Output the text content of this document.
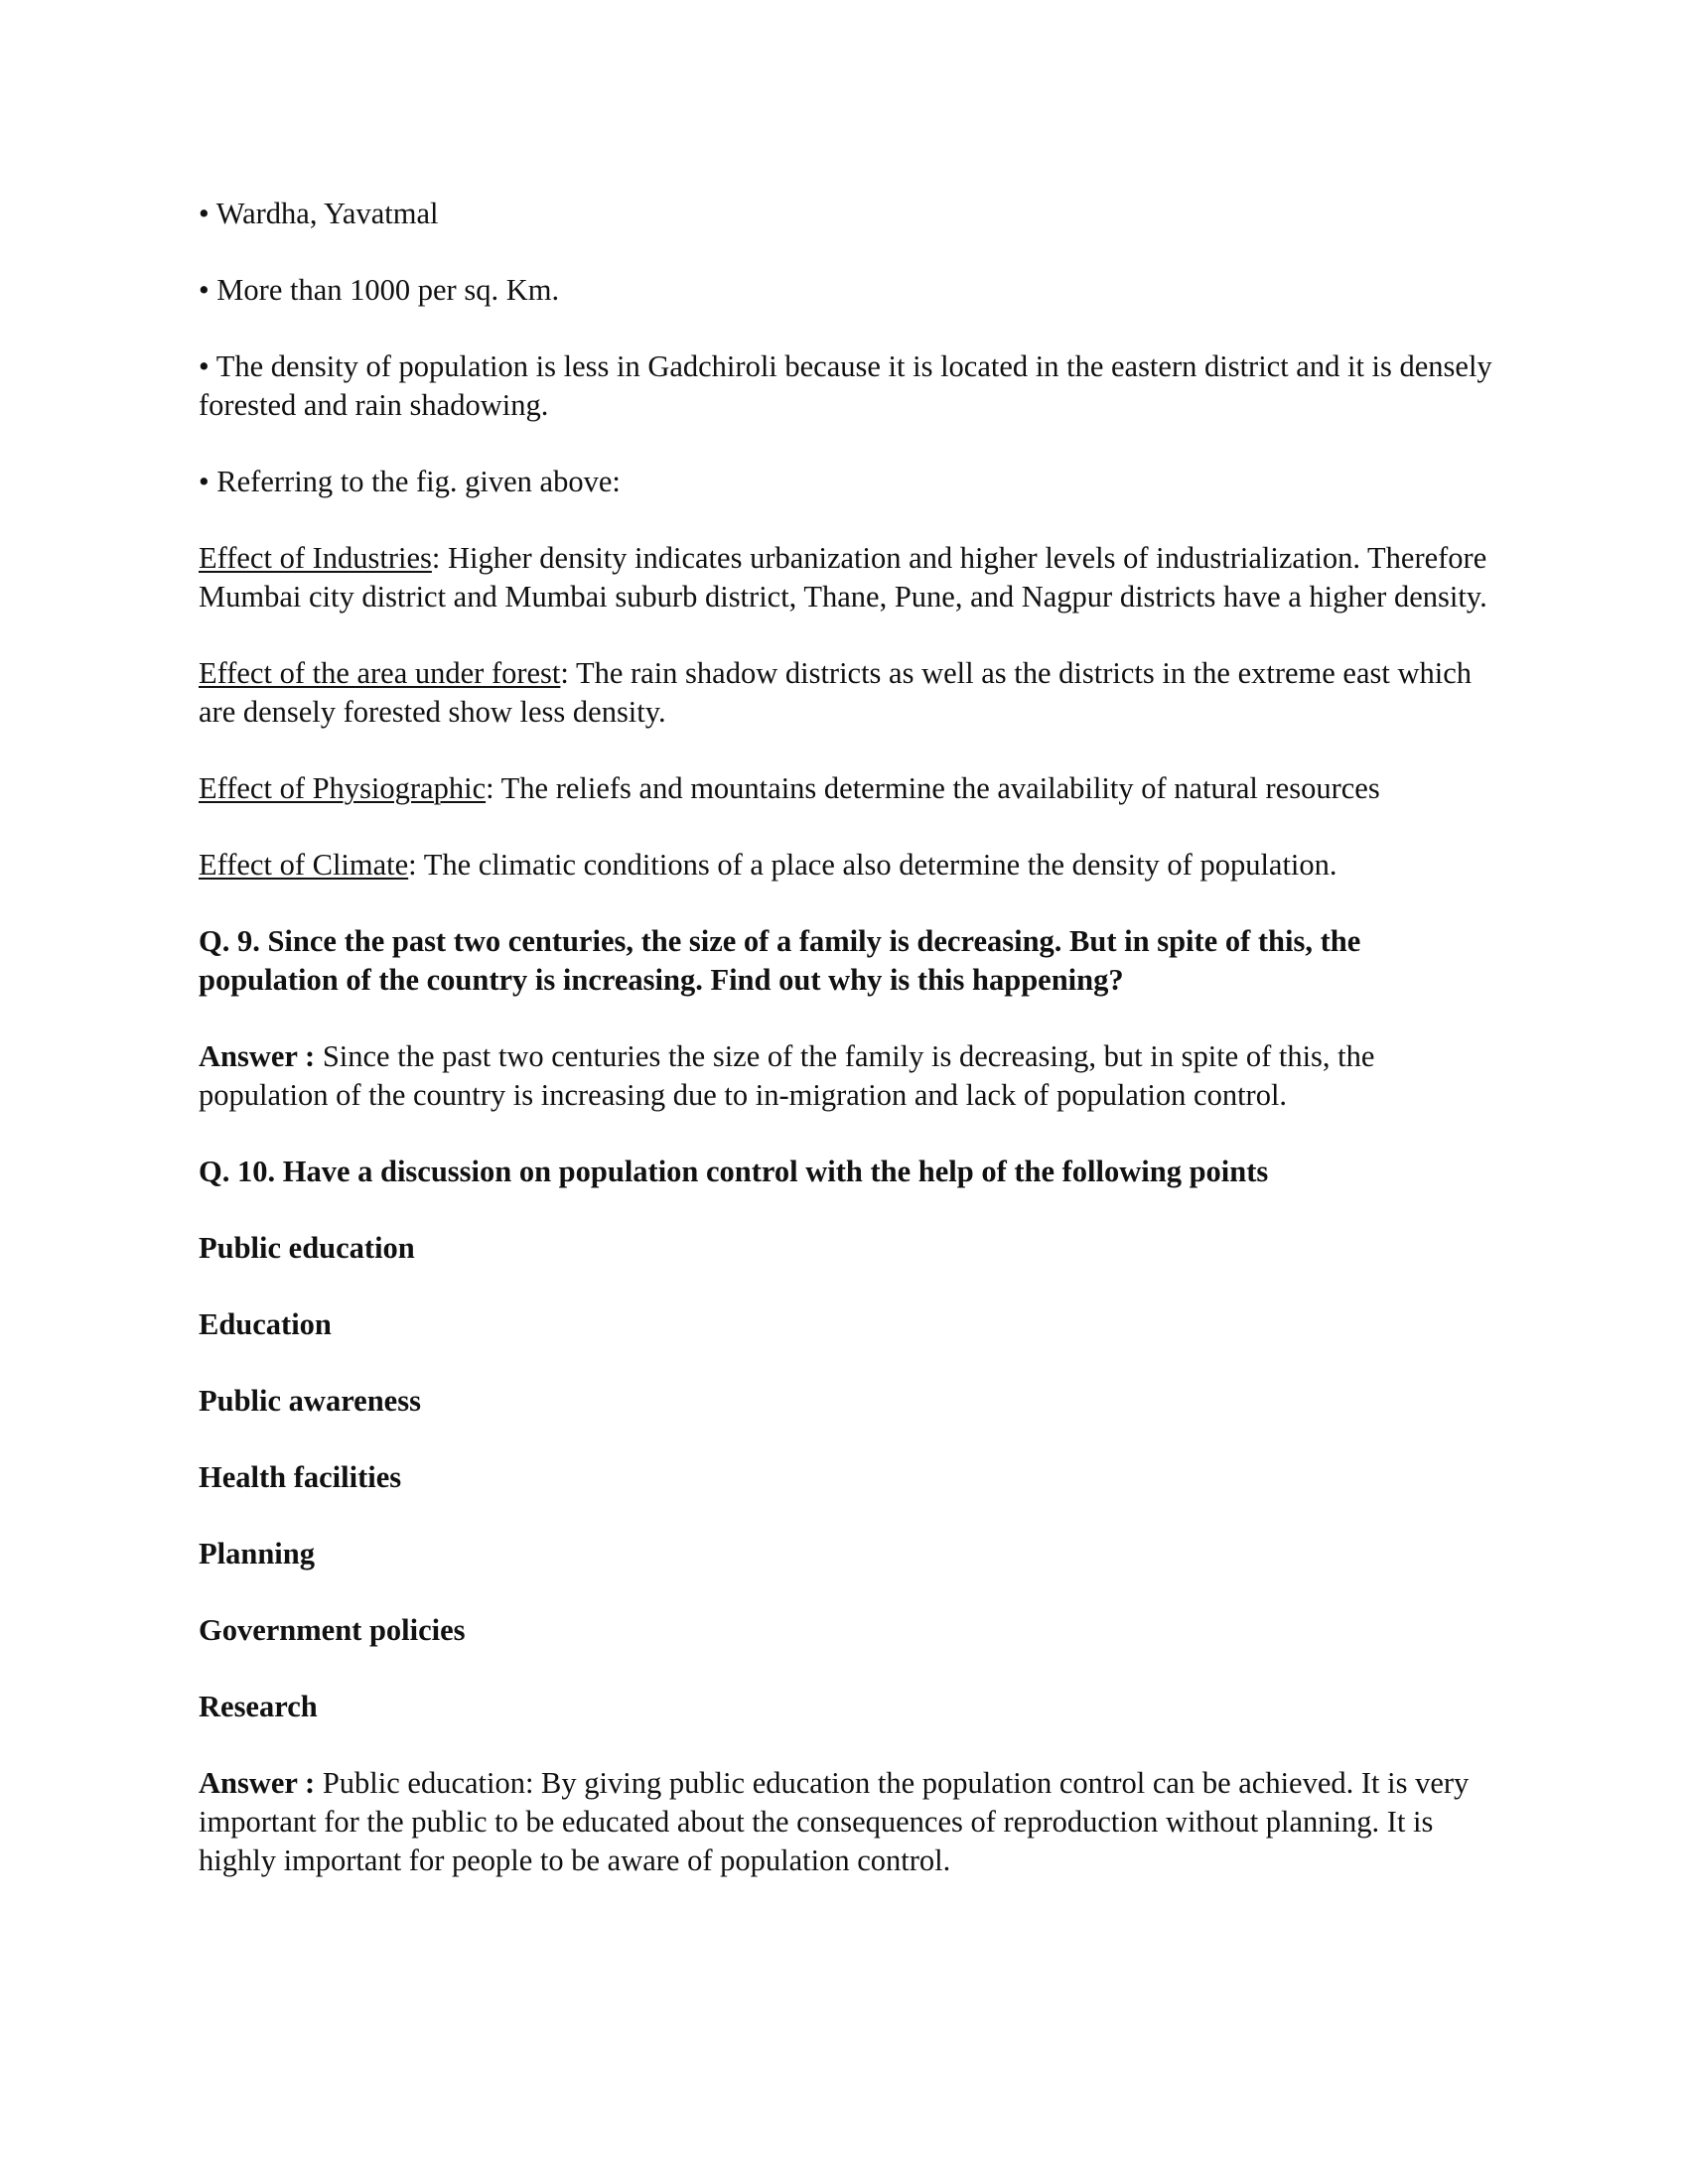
• Wardha, Yavatmal

• More than 1000 per sq. Km.

• The density of population is less in Gadchiroli because it is located in the eastern district and it is densely forested and rain shadowing.

• Referring to the fig. given above:

Effect of Industries: Higher density indicates urbanization and higher levels of industrialization. Therefore Mumbai city district and Mumbai suburb district, Thane, Pune, and Nagpur districts have a higher density.

Effect of the area under forest: The rain shadow districts as well as the districts in the extreme east which are densely forested show less density.

Effect of Physiographic: The reliefs and mountains determine the availability of natural resources

Effect of Climate: The climatic conditions of a place also determine the density of population.

Q. 9. Since the past two centuries, the size of a family is decreasing. But in spite of this, the population of the country is increasing. Find out why is this happening?

Answer : Since the past two centuries the size of the family is decreasing, but in spite of this, the population of the country is increasing due to in-migration and lack of population control.

Q. 10. Have a discussion on population control with the help of the following points

Public education

Education

Public awareness

Health facilities

Planning

Government policies

Research

Answer : Public education: By giving public education the population control can be achieved. It is very important for the public to be educated about the consequences of reproduction without planning. It is highly important for people to be aware of population control.
